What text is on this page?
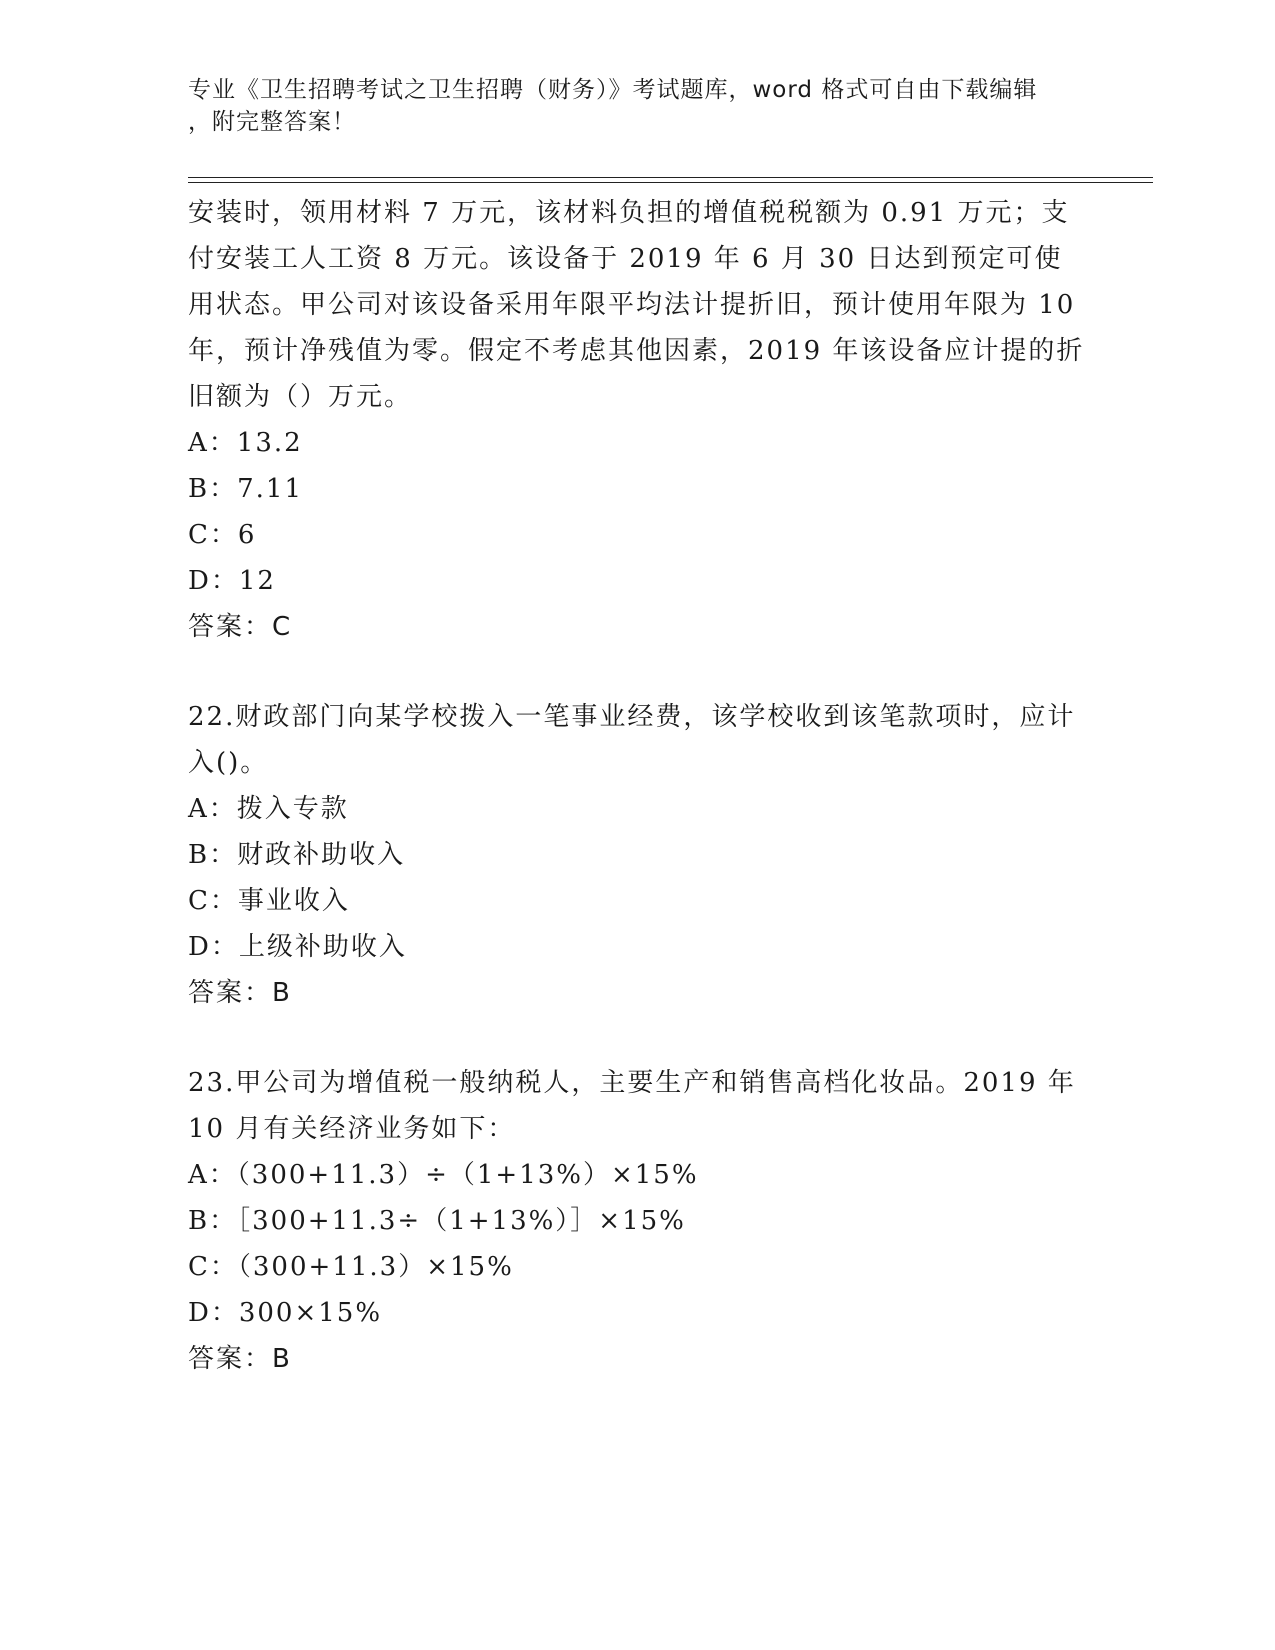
专业《卫生招聘考试之卫生招聘（财务）》考试题库，word 格式可自由下载编辑
，附完整答案！

安装时，领用材料 7 万元，该材料负担的增值税税额为 0.91 万元；支付安装工人工资 8 万元。该设备于 2019 年 6 月 30 日达到预定可使用状态。甲公司对该设备采用年限平均法计提折旧，预计使用年限为 10 年，预计净残值为零。假定不考虑其他因素，2019 年该设备应计提的折旧额为（）万元。

A：13.2

B：7.11

C：6

D：12

答案：C

22.财政部门向某学校拨入一笔事业经费，该学校收到该笔款项时，应计入()。

A：拨入专款

B：财政补助收入

C：事业收入

D：上级补助收入

答案：B

23.甲公司为增值税一般纳税人，主要生产和销售高档化妆品。2019 年 10 月有关经济业务如下：

A：（300+11.3）÷（1+13%）×15%

B：［300+11.3÷（1+13%）］×15%

C：（300+11.3）×15%

D：300×15%

答案：B
